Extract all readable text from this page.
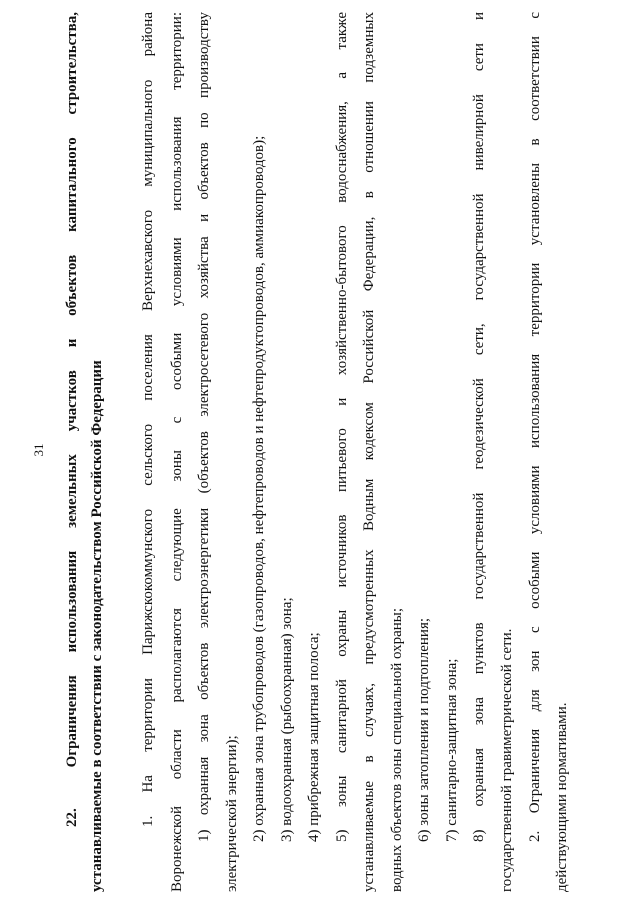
31
22. Ограничения использования земельных участков и объектов капитального строительства, устанавливаемые в соответствии с законодательством Российской Федерации	1. На территории Парижскокоммунского сельского поселения Верхнехавского муниципального района Воронежской области располагаются следующие зоны с особыми условиями использования территории: 1) охранная зона объектов электроэнергетики (объектов электросетевого хозяйства и объектов по производству электрической энергии); 2) охранная зона трубопроводов (газопроводов, нефтепроводов и нефтепродуктопроводов, аммиакопроводов); 3) водоохранная (рыбоохранная) зона; 4) прибрежная защитная полоса; 5) зоны санитарной охраны источников питьевого и хозяйственно-бытового водоснабжения, а также устанавливаемые в случаях, предусмотренных Водным кодексом Российской Федерации, в отношении подземных водных объектов зоны специальной охраны; 6) зоны затопления и подтопления; 7) санитарно-защитная зона; 8) охранная зона пунктов государственной геодезической сети, государственной нивелирной сети и государственной гравиметрической сети. 2. Ограничения для зон с особыми условиями использования территории установлены в соответствии с действующими нормативами.
